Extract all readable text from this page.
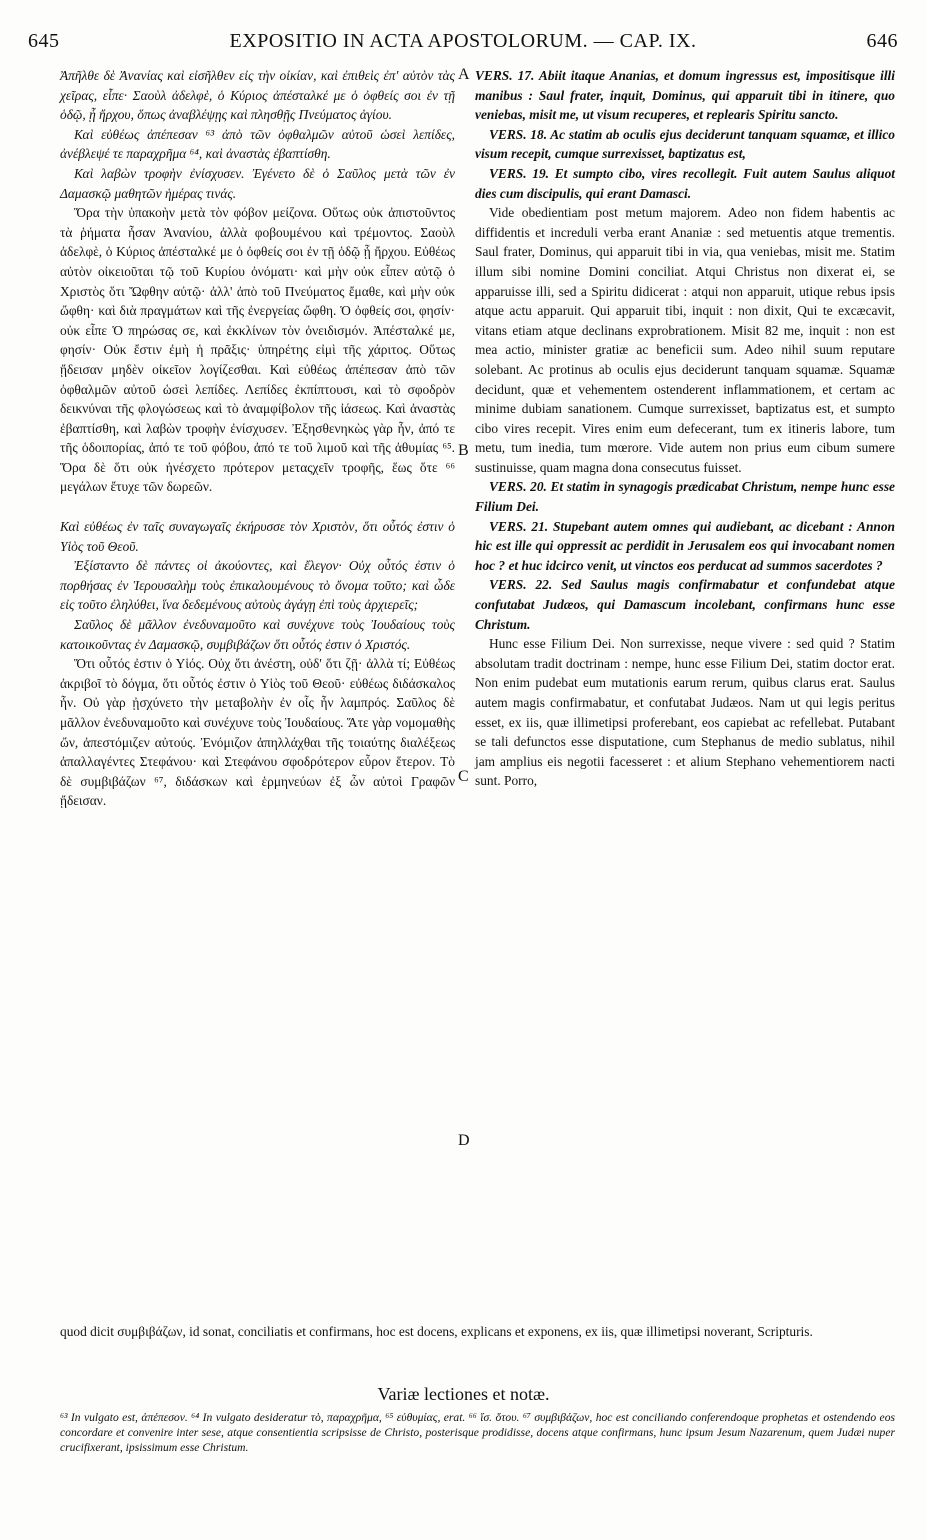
645	EXPOSITIO IN ACTA APOSTOLORUM. — CAP. IX.	646

Ἀπῆλθε δὲ Ἀνανίας καὶ εἰσῆλθεν εἰς τὴν οἰκίαν, καὶ ἐπιθεὶς ἐπ' αὐτὸν τὰς χεῖρας, εἶπε· Σαοὺλ ἀδελφὲ, ὁ Κύριος ἀπέσταλκέ με ὁ ὀφθείς σοι ἐν τῇ ὁδῷ, ᾗ ἤρχου, ὅπως ἀναβλέψῃς καὶ πλησθῇς Πνεύματος ἁγίου.

Καὶ εὐθέως ἀπέπεσαν ⁶³ ἀπὸ τῶν ὀφθαλμῶν αὐτοῦ ὡσεὶ λεπίδες, ἀνέβλεψέ τε παραχρῆμα ⁶⁴, καὶ ἀναστὰς ἐβαπτίσθη.

Καὶ λαβὼν τροφὴν ἐνίσχυσεν. Ἐγένετο δὲ ὁ Σαῦλος μετὰ τῶν ἐν Δαμασκῷ μαθητῶν ἡμέρας τινάς.

Ὅρα τὴν ὑπακοὴν μετὰ τὸν φόβον μείζονα. Οὕτως οὐκ ἀπιστοῦντος τὰ ῥήματα ἦσαν Ἀνανίου, ἀλλὰ φοβουμένου καὶ τρέμοντος. Σαοὺλ ἀδελφὲ, ὁ Κύριος ἀπέσταλκέ με ὁ ὀφθείς σοι ἐν τῇ ὁδῷ ᾗ ἤρχου. Εὐθέως αὐτὸν οἰκειοῦται τῷ τοῦ Κυρίου ὀνόματι· καὶ μὴν οὐκ εἶπεν αὐτῷ ὁ Χριστὸς ὅτι Ὤφθην αὐτῷ· ἀλλ' ἀπὸ τοῦ Πνεύματος ἔμαθε, καὶ μὴν οὐκ ὤφθη· καὶ διὰ πραγμάτων καὶ τῆς ἐνεργείας ὤφθη. Ὁ ὀφθείς σοι, φησίν· οὐκ εἶπε Ὁ πηρώσας σε, καὶ ἐκκλίνων τὸν ὀνειδισμόν. Ἀπέσταλκέ με, φησίν· Οὐκ ἔστιν ἐμὴ ἡ πρᾶξις· ὑπηρέτης εἰμὶ τῆς χάριτος. Οὕτως ᾔδεισαν μηδὲν οἰκεῖον λογίζεσθαι. Καὶ εὐθέως ἀπέπεσαν ἀπὸ τῶν ὀφθαλμῶν αὐτοῦ ὡσεὶ λεπίδες. Λεπίδες ἐκπίπτουσι, καὶ τὸ σφοδρὸν δεικνύναι τῆς φλογώσεως καὶ τὸ ἀναμφίβολον τῆς ἰάσεως. Καὶ ἀναστὰς ἐβαπτίσθη, καὶ λαβὼν τροφὴν ἐνίσχυσεν. Ἐξησθενηκὼς γὰρ ἦν, ἀπό τε τῆς ὁδοιπορίας, ἀπό τε τοῦ φόβου, ἀπό τε τοῦ λιμοῦ καὶ τῆς ἀθυμίας ⁶⁵. Ὅρα δὲ ὅτι οὐκ ἠνέσχετο πρότερον μεταςχεῖν τροφῆς, ἕως ὅτε ⁶⁶ μεγάλων ἔτυχε τῶν δωρεῶν.

Καὶ εὐθέως ἐν ταῖς συναγωγαῖς ἐκήρυσσε τὸν Χριστὸν, ὅτι οὗτός ἐστιν ὁ Υἱὸς τοῦ Θεοῦ.

Ἐξίσταντο δὲ πάντες οἱ ἀκούοντες, καὶ ἔλεγον· Οὐχ οὗτός ἐστιν ὁ πορθήσας ἐν Ἱερουσαλὴμ τοὺς ἐπικαλουμένους τὸ ὄνομα τοῦτο; καὶ ὧδε εἰς τοῦτο ἐληλύθει, ἵνα δεδεμένους αὐτοὺς ἀγάγῃ ἐπὶ τοὺς ἀρχιερεῖς;

Σαῦλος δὲ μᾶλλον ἐνεδυναμοῦτο καὶ συνέχυνε τοὺς Ἰουδαίους τοὺς κατοικοῦντας ἐν Δαμασκῷ, συμβιβάζων ὅτι οὗτός ἐστιν ὁ Χριστός.

Ὅτι οὗτός ἐστιν ὁ Υἱός. Οὐχ ὅτι ἀνέστη, οὐδ' ὅτι ζῇ· ἀλλὰ τί; Εὐθέως ἀκριβοῖ τὸ δόγμα, ὅτι οὗτός ἐστιν ὁ Υἱὸς τοῦ Θεοῦ· εὐθέως διδάσκαλος ἦν. Οὐ γὰρ ᾐσχύνετο τὴν μεταβολὴν ἐν οἷς ἦν λαμπρός. Σαῦλος δὲ μᾶλλον ἐνεδυναμοῦτο καὶ συνέχυνε τοὺς Ἰουδαίους. Ἅτε γὰρ νομομαθὴς ὤν, ἀπεστόμιζεν αὐτούς. Ἐνόμιζον ἀπηλλάχθαι τῆς τοιαύτης διαλέξεως ἀπαλλαγέντες Στεφάνου· καὶ Στεφάνου σφοδρότερον εὗρον ἕτερον. Τὸ δὲ συμβιβάζων ⁶⁷, διδάσκων καὶ ἑρμηνεύων ἐξ ὧν αὐτοὶ Γραφῶν ᾔδεισαν.

VERS. 17. Abiit itaque Ananias, et domum ingressus est, impositisque illi manibus : Saul frater, inquit, Dominus, qui apparuit tibi in itinere, quo veniebas, misit me, ut visum recuperes, et replearis Spiritu sancto.

VERS. 18. Ac statim ab oculis ejus deciderunt tanquam squamæ, et illico visum recepit, cumque surrexisset, baptizatus est,

VERS. 19. Et sumpto cibo, vires recollegit. Fuit autem Saulus aliquot dies cum discipulis, qui erant Damasci.

Vide obedientiam post metum majorem. Adeo non fidem habentis ac diffidentis et increduli verba erant Ananiæ : sed metuentis atque trementis. Saul frater, Dominus, qui apparuit tibi in via, qua veniebas, misit me. Statim illum sibi nomine Domini conciliat. Atqui Christus non dixerat ei, se apparuisse illi, sed a Spiritu didicerat : atqui non apparuit, utique rebus ipsis atque actu apparuit. Qui apparuit tibi, inquit : non dixit, Qui te excæcavit, vitans etiam atque declinans exprobrationem. Misit 82 me, inquit : non est mea actio, minister gratiæ ac beneficii sum. Adeo nihil suum reputare solebant. Ac protinus ab oculis ejus deciderunt tanquam squamæ. Squamæ decidunt, quæ et vehementem ostenderent inflammationem, et certam ac minime dubiam sanationem. Cumque surrexisset, baptizatus est, et sumpto cibo vires recepit. Vires enim eum defecerant, tum ex itineris labore, tum metu, tum inedia, tum mœrore. Vide autem non prius eum cibum sumere sustinuisse, quam magna dona consecutus fuisset.

VERS. 20. Et statim in synagogis prædicabat Christum, nempe hunc esse Filium Dei.

VERS. 21. Stupebant autem omnes qui audiebant, ac dicebant : Annon hic est ille qui oppressit ac perdidit in Jerusalem eos qui invocabant nomen hoc ? et huc idcirco venit, ut vinctos eos perducat ad summos sacerdotes ?

VERS. 22. Sed Saulus magis confirmabatur et confundebat atque confutabat Judæos, qui Damascum incolebant, confirmans hunc esse Christum.

Hunc esse Filium Dei. Non surrexisse, neque vivere : sed quid ? Statim absolutam tradit doctrinam : nempe, hunc esse Filium Dei, statim doctor erat. Non enim pudebat eum mutationis earum rerum, quibus clarus erat. Saulus autem magis confirmabatur, et confutabat Judæos. Nam ut qui legis peritus esset, ex iis, quæ illimetipsi proferebant, eos capiebat ac refellebat. Putabant se tali defunctos esse disputatione, cum Stephanus de medio sublatus, nihil jam amplius eis negotii facesseret : et alium Stephano vehementiorem nacti sunt. Porro,

A
B
C
D
quod dicit συμβιβάζων, id sonat, conciliatis et confirmans, hoc est docens, explicans et exponens, ex iis, quæ illimetipsi noverant, Scripturis.
Variæ lectiones et notæ.
⁶³ In vulgato est, ἀπέπεσον. ⁶⁴ In vulgato desideratur τὸ, παραχρῆμα, ⁶⁵ εὐθυμίας, erat. ⁶⁶ ἴσ. ὅτου. ⁶⁷ συμβιβάζων, hoc est conciliando conferendoque prophetas et ostendendo eos concordare et convenire inter sese, atque consentientia scripsisse de Christo, posterisque prodidisse, docens atque confirmans, hunc ipsum Jesum Nazarenum, quem Judæi nuper crucifixerant, ipsissimum esse Christum.
